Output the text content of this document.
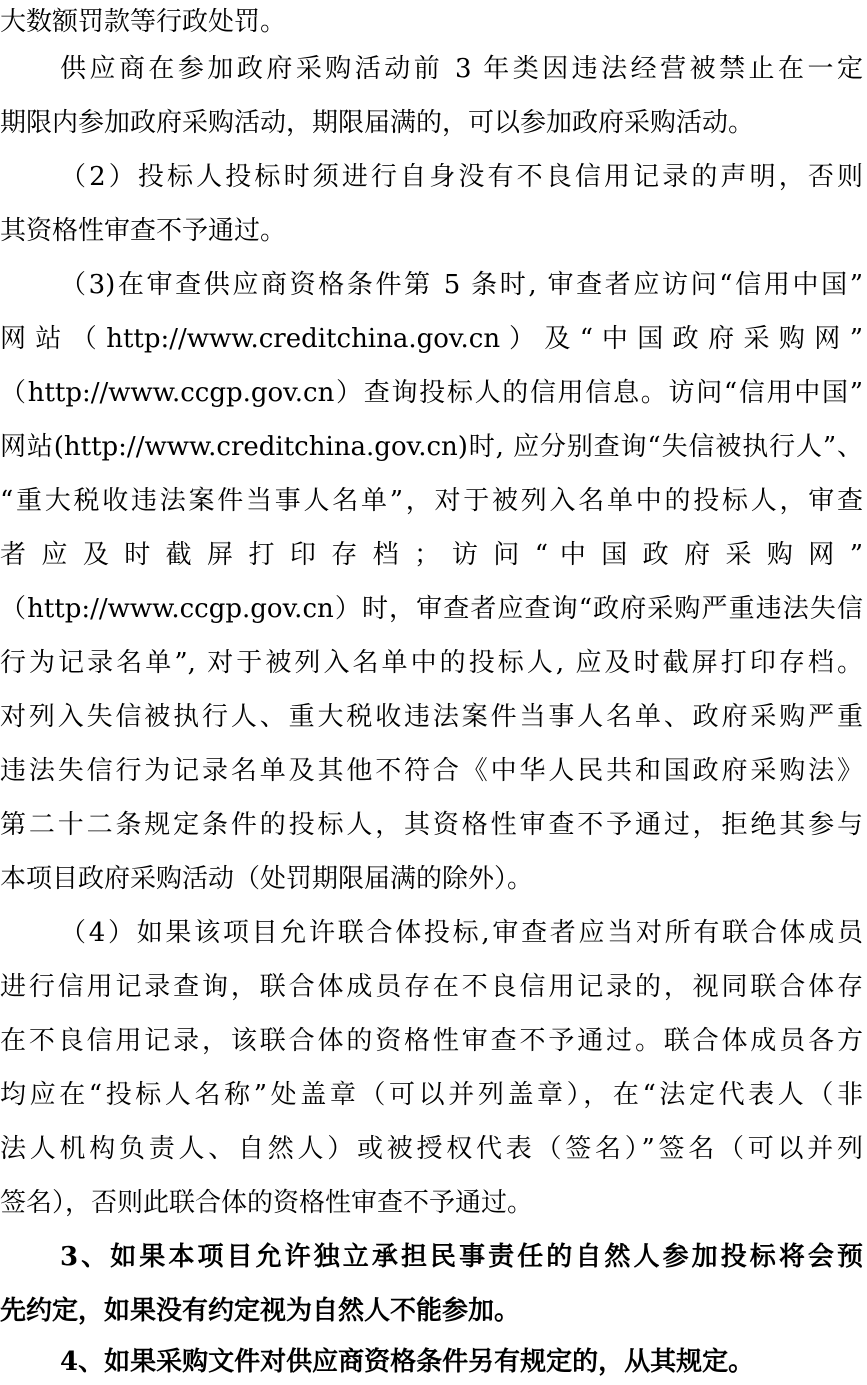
大数额罚款等行政处罚。
供应商在参加政府采购活动前 3 年类因违法经营被禁止在一定
期限内参加政府采购活动，期限届满的，可以参加政府采购活动。
（2）投标人投标时须进行自身没有不良信用记录的声明，否则
其资格性审查不予通过。
（3)在审查供应商资格条件第 5 条时, 审查者应访问“信用中国”
网 站 （ http://www.creditchina.gov.cn ） 及 “ 中 国 政 府 采 购 网 ”
（http://www.ccgp.gov.cn）查询投标人的信用信息。访问“信用中国”
网站(http://www.creditchina.gov.cn)时, 应分别查询“失信被执行人”、
“重大税收违法案件当事人名单”，对于被列入名单中的投标人，审查
者 应 及 时 截 屏 打 印 存 档 ； 访 问 “ 中 国 政 府 采 购 网 ”
（http://www.ccgp.gov.cn）时，审查者应查询“政府采购严重违法失信
行为记录名单”, 对于被列入名单中的投标人, 应及时截屏打印存档。
对列入失信被执行人、重大税收违法案件当事人名单、政府采购严重
违法失信行为记录名单及其他不符合《中华人民共和国政府采购法》
第二十二条规定条件的投标人，其资格性审查不予通过，拒绝其参与
本项目政府采购活动（处罚期限届满的除外）。
（4）如果该项目允许联合体投标,审查者应当对所有联合体成员
进行信用记录查询，联合体成员存在不良信用记录的，视同联合体存
在不良信用记录，该联合体的资格性审查不予通过。联合体成员各方
均应在“投标人名称”处盖章（可以并列盖章），在“法定代表人（非
法人机构负责人、自然人）或被授权代表（签名）”签名（可以并列
签名），否则此联合体的资格性审查不予通过。
3、如果本项目允许独立承担民事责任的自然人参加投标将会预
先约定，如果没有约定视为自然人不能参加。
4、如果采购文件对供应商资格条件另有规定的，从其规定。
